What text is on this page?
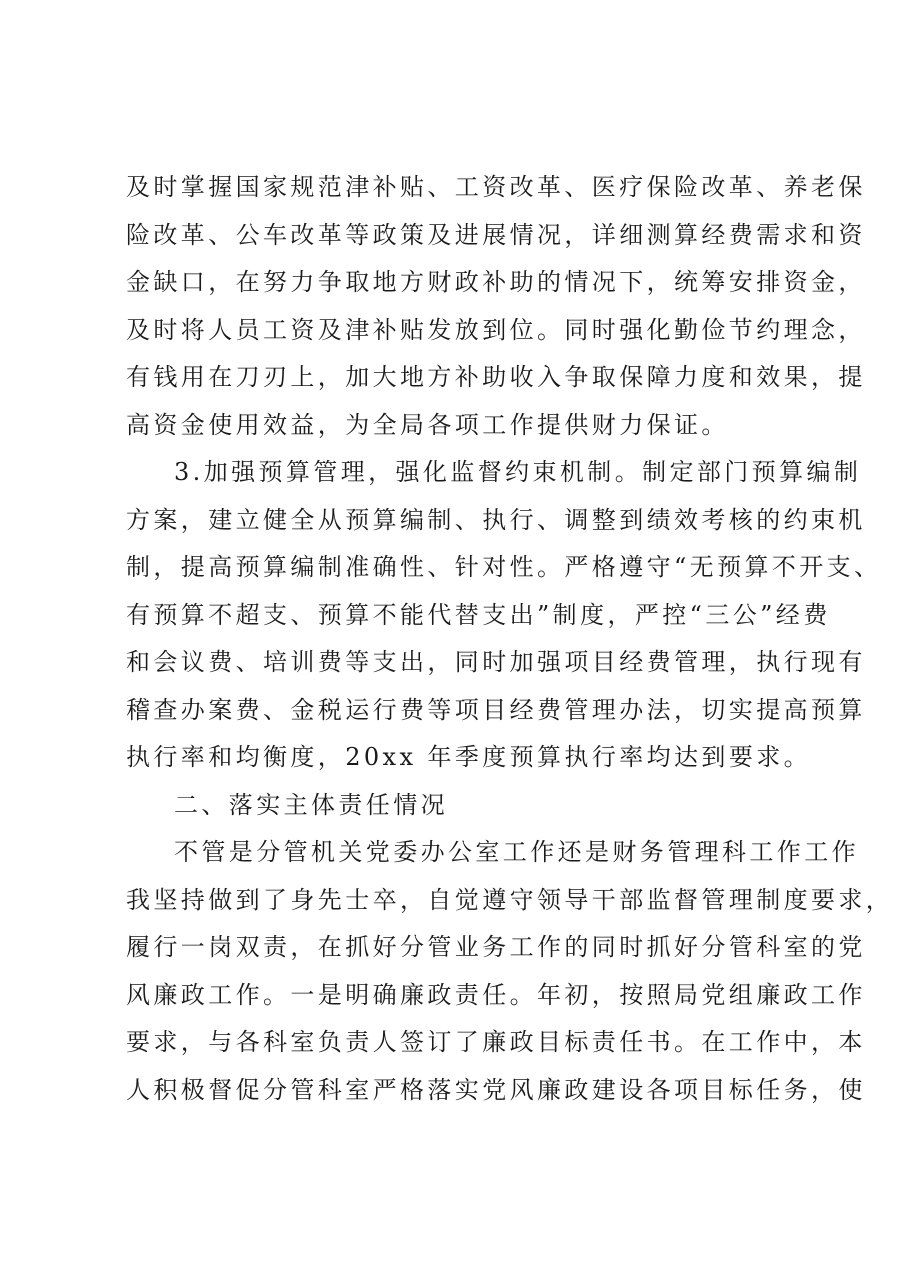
及时掌握国家规范津补贴、工资改革、医疗保险改革、养老保
险改革、公车改革等政策及进展情况，详细测算经费需求和资
金缺口，在努力争取地方财政补助的情况下，统筹安排资金，
及时将人员工资及津补贴发放到位。同时强化勤俭节约理念，
有钱用在刀刃上，加大地方补助收入争取保障力度和效果，提
高资金使用效益，为全局各项工作提供财力保证。
3.加强预算管理，强化监督约束机制。制定部门预算编制
方案，建立健全从预算编制、执行、调整到绩效考核的约束机
制，提高预算编制准确性、针对性。严格遵守“无预算不开支、
有预算不超支、预算不能代替支出”制度，严控“三公”经费
和会议费、培训费等支出，同时加强项目经费管理，执行现有
稽查办案费、金税运行费等项目经费管理办法，切实提高预算
执行率和均衡度，20xx 年季度预算执行率均达到要求。
二、落实主体责任情况
不管是分管机关党委办公室工作还是财务管理科工作工作
我坚持做到了身先士卒，自觉遵守领导干部监督管理制度要求，
履行一岗双责，在抓好分管业务工作的同时抓好分管科室的党
风廉政工作。一是明确廉政责任。年初，按照局党组廉政工作
要求，与各科室负责人签订了廉政目标责任书。在工作中，本
人积极督促分管科室严格落实党风廉政建设各项目标任务，使
